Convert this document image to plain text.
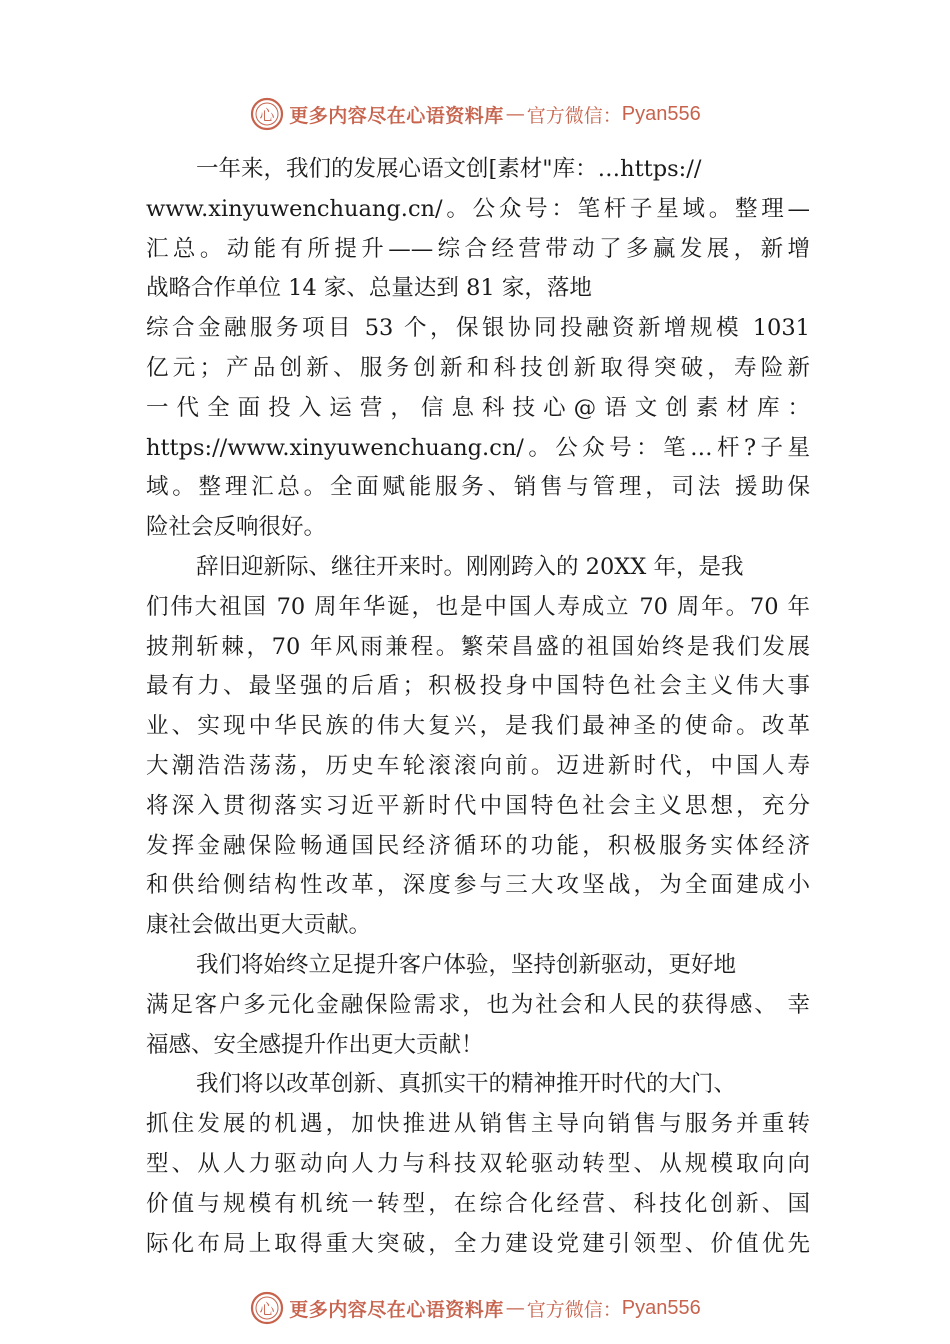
心 更多内容尽在心语资料库 — 官方微信： Pyan556
一年来，我们的发展心语文创[素材"库：…https://
www.xinyuwenchuang.cn/。公众号：笔杆子星域。整理—
汇总。动能有所提升——综合经营带动了多赢发展，新增
战略合作单位 14 家、总量达到 81 家，落地
综合金融服务项目 53 个，保银协同投融资新增规模 1031
亿元；产品创新、服务创新和科技创新取得突破，寿险新
一代全面投入运营，信息科技心@语文创素材库：
https://www.xinyuwenchuang.cn/。公众号：笔…杆?子星
域。整理汇总。全面赋能服务、销售与管理，司法 援助保
险社会反响很好。
辞旧迎新际、继往开来时。刚刚跨入的 20XX 年，是我
们伟大祖国 70 周年华诞，也是中国人寿成立 70 周年。70 年
披荆斩棘，70 年风雨兼程。繁荣昌盛的祖国始终是我们发展
最有力、最坚强的后盾；积极投身中国特色社会主义伟大事
业、实现中华民族的伟大复兴，是我们最神圣的使命。改革
大潮浩浩荡荡，历史车轮滚滚向前。迈进新时代，中国人寿
将深入贯彻落实习近平新时代中国特色社会主义思想，充分
发挥金融保险畅通国民经济循环的功能，积极服务实体经济
和供给侧结构性改革，深度参与三大攻坚战，为全面建成小
康社会做出更大贡献。
我们将始终立足提升客户体验，坚持创新驱动，更好地
满足客户多元化金融保险需求，也为社会和人民的获得感、 幸
福感、安全感提升作出更大贡献！
我们将以改革创新、真抓实干的精神推开时代的大门、
抓住发展的机遇，加快推进从销售主导向销售与服务并重转
型、从人力驱动向人力与科技双轮驱动转型、从规模取向向
价值与规模有机统一转型，在综合化经营、科技化创新、国
际化布局上取得重大突破，全力建设党建引领型、价值优先
心 更多内容尽在心语资料库 — 官方微信： Pyan556
